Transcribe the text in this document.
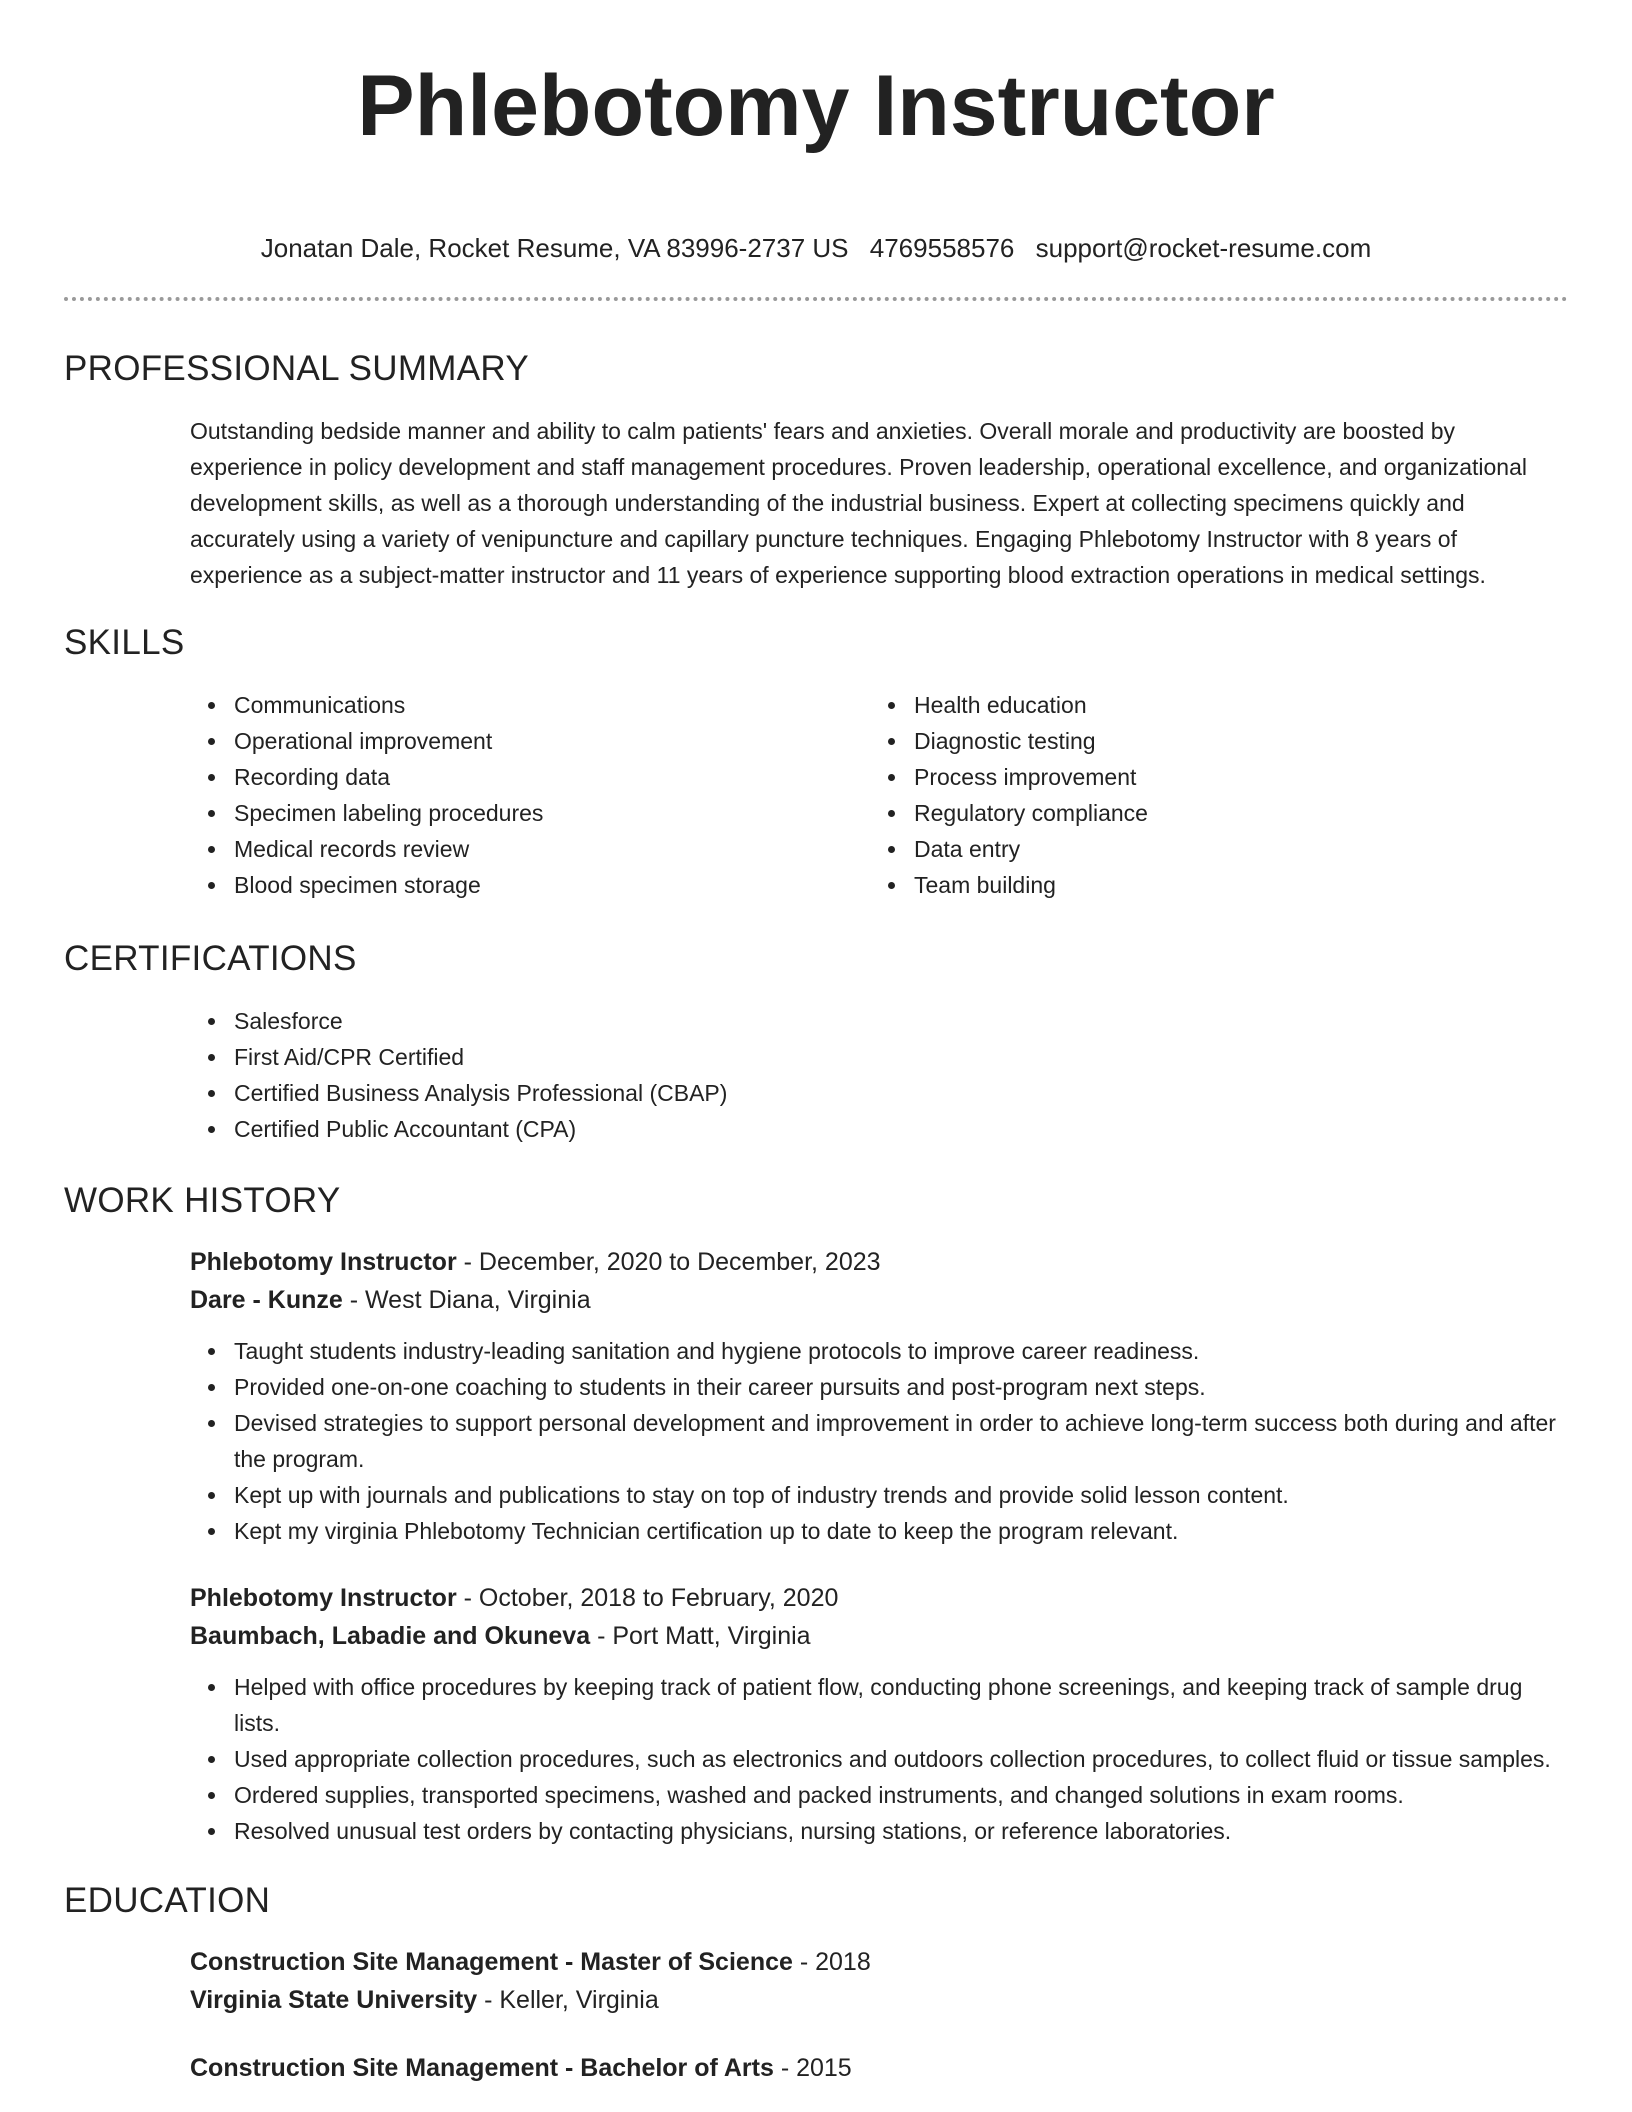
Phlebotomy Instructor
Jonatan Dale, Rocket Resume, VA 83996-2737 US 4769558576 support@rocket-resume.com
PROFESSIONAL SUMMARY

Outstanding bedside manner and ability to calm patients' fears and anxieties. Overall morale and productivity are boosted by experience in policy development and staff management procedures. Proven leadership, operational excellence, and organizational development skills, as well as a thorough understanding of the industrial business. Expert at collecting specimens quickly and accurately using a variety of venipuncture and capillary puncture techniques. Engaging Phlebotomy Instructor with 8 years of experience as a subject-matter instructor and 11 years of experience supporting blood extraction operations in medical settings.

SKILLS
Communications
Operational improvement
Recording data
Specimen labeling procedures
Medical records review
Blood specimen storage
Health education
Diagnostic testing
Process improvement
Regulatory compliance
Data entry
Team building
CERTIFICATIONS
Salesforce
First Aid/CPR Certified
Certified Business Analysis Professional (CBAP)
Certified Public Accountant (CPA)
WORK HISTORY
Phlebotomy Instructor - December, 2020 to December, 2023
Dare - Kunze - West Diana, Virginia
Taught students industry-leading sanitation and hygiene protocols to improve career readiness.
Provided one-on-one coaching to students in their career pursuits and post-program next steps.
Devised strategies to support personal development and improvement in order to achieve long-term success both during and after the program.
Kept up with journals and publications to stay on top of industry trends and provide solid lesson content.
Kept my virginia Phlebotomy Technician certification up to date to keep the program relevant.
Phlebotomy Instructor - October, 2018 to February, 2020
Baumbach, Labadie and Okuneva - Port Matt, Virginia
Helped with office procedures by keeping track of patient flow, conducting phone screenings, and keeping track of sample drug lists.
Used appropriate collection procedures, such as electronics and outdoors collection procedures, to collect fluid or tissue samples.
Ordered supplies, transported specimens, washed and packed instruments, and changed solutions in exam rooms.
Resolved unusual test orders by contacting physicians, nursing stations, or reference laboratories.
EDUCATION
Construction Site Management - Master of Science - 2018
Virginia State University - Keller, Virginia
Construction Site Management - Bachelor of Arts - 2015
